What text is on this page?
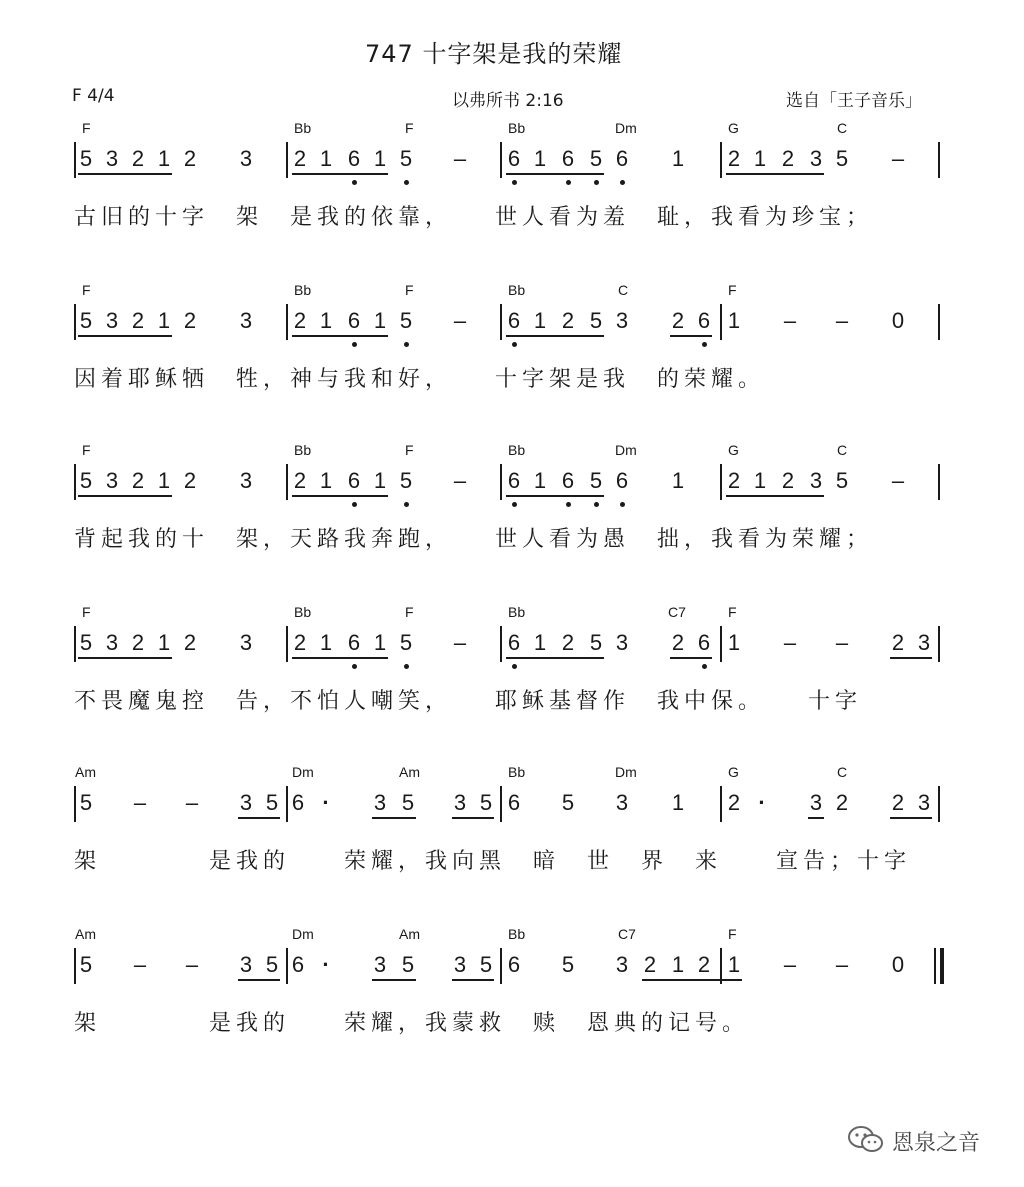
747 十字架是我的荣耀
F 4/4	以弗所书 2:16	选自「王子音乐」
恩泉之音
F	Bb	F	Bb	Dm	G	C
5 3 2 1 2 3 2 1 6 1 5 – 6 1 6 5 6 1 2 1 2 3 5 –
古旧的十字　架　是我的依靠，　　世人看为羞　耻，我看为珍宝；
F	Bb	F	Bb	C	F
5 3 2 1 2 3 2 1 6 1 5 – 6 1 2 5 3 2 6 1 – – 0
因着耶稣牺　牲，神与我和好，　　十字架是我　的荣耀。
F	Bb	F	Bb	Dm	G	C
5 3 2 1 2 3 2 1 6 1 5 – 6 1 6 5 6 1 2 1 2 3 5 –
背起我的十　架，天路我奔跑，　　世人看为愚　拙，我看为荣耀；
F	Bb	F	Bb	C7	F
5 3 2 1 2 3 2 1 6 1 5 – 6 1 2 5 3 2 6 1 – – 2 3
不畏魔鬼控　告，不怕人嘲笑，　　耶稣基督作　我中保。　　十字
Am	Dm	Am	Bb	Dm	G	C
5 – – 3 5 6 ·	3 5 3 5 6 5 3 1 2 ·	3 2 2 3
架　　　　是我的　　荣耀，我向黑　暗　世　界　来　　宣告；十字
Am	Dm	Am	Bb	C7	F
5 – – 3 5 6 ·	3 5 3 5 6 5 3 2 1 2 1 – – 0
架　　　　是我的　　荣耀，我蒙救　赎　恩典的记号。
